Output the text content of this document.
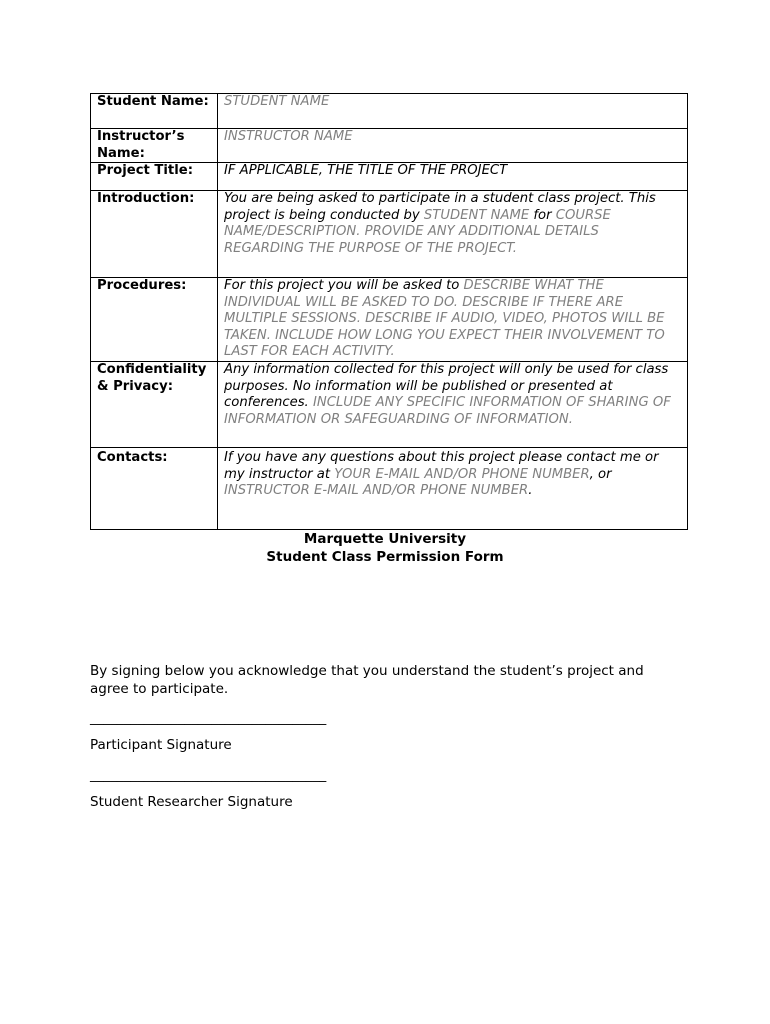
Student Name:	STUDENT NAME
Instructor’s Name:	INSTRUCTOR NAME
Project Title:	IF APPLICABLE, THE TITLE OF THE PROJECT
Introduction:	You are being asked to participate in a student class project. This project is being conducted by STUDENT NAME for COURSE NAME/DESCRIPTION. PROVIDE ANY ADDITIONAL DETAILS REGARDING THE PURPOSE OF THE PROJECT.
Procedures:	For this project you will be asked to DESCRIBE WHAT THE INDIVIDUAL WILL BE ASKED TO DO. DESCRIBE IF THERE ARE MULTIPLE SESSIONS. DESCRIBE IF AUDIO, VIDEO, PHOTOS WILL BE TAKEN. INCLUDE HOW LONG YOU EXPECT THEIR INVOLVEMENT TO LAST FOR EACH ACTIVITY.
Confidentiality & Privacy:	Any information collected for this project will only be used for class purposes. No information will be published or presented at conferences. INCLUDE ANY SPECIFIC INFORMATION OF SHARING OF INFORMATION OR SAFEGUARDING OF INFORMATION.
Contacts:	If you have any questions about this project please contact me or my instructor at YOUR E-MAIL AND/OR PHONE NUMBER, or INSTRUCTOR E-MAIL AND/OR PHONE NUMBER.
Marquette University
Student Class Permission Form
By signing below you acknowledge that you understand the student’s project and agree to participate.
___________________________________
Participant Signature
___________________________________
Student Researcher Signature
